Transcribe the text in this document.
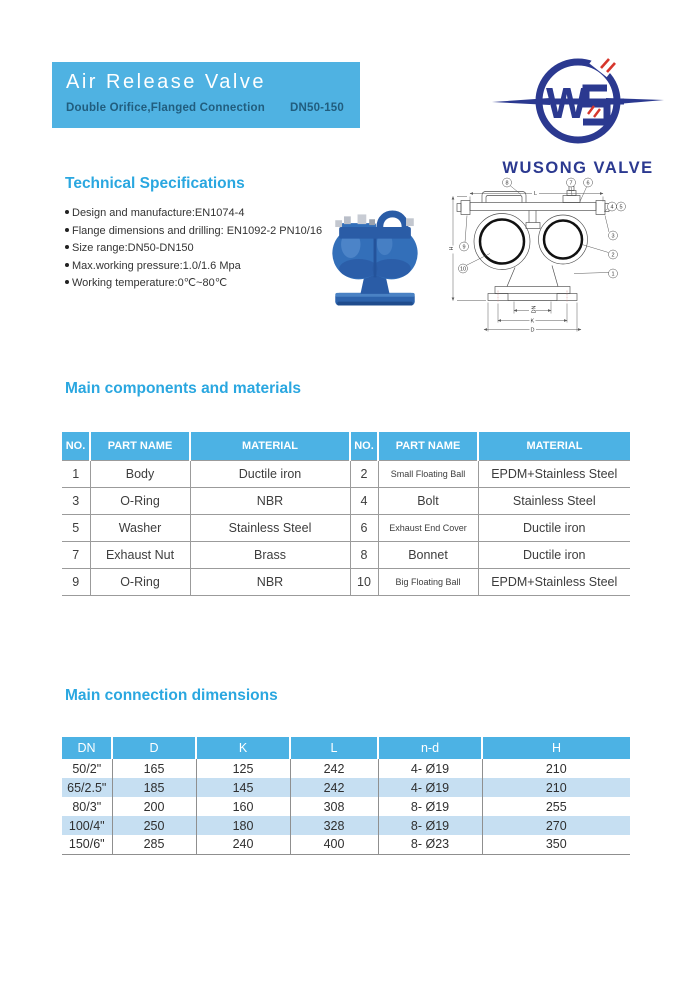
Air Release Valve
Double Orifice,Flanged Connection DN50-150	W
WUSONG VALVE
Technical Specifications
Design and manufacture:EN1074-4
Flange dimensions and drilling: EN1092-2 PN10/16
Size range:DN50-DN150
Max.working pressure:1.0/1.6 Mpa
Working temperature:0℃~80℃
L
H
DN
K
D
8	7 6
4 5
3
2
1
9
10
Main components and materials
NO.	PART NAME	MATERIAL	NO.	PART NAME	MATERIAL
1	Body	Ductile iron	2	Small Floating Ball	EPDM+Stainless Steel
3	O-Ring	NBR	4	Bolt	Stainless Steel
5	Washer	Stainless Steel	6	Exhaust End Cover	Ductile iron
7	Exhaust Nut	Brass	8	Bonnet	Ductile iron
9	O-Ring	NBR	10	Big Floating Ball	EPDM+Stainless Steel
Main connection dimensions
DN	D	K	L	n-d	H
50/2"	165	125	242	4- Ø19	210
65/2.5"	185	145	242	4- Ø19	210
80/3"	200	160	308	8- Ø19	255
100/4"	250	180	328	8- Ø19	270
150/6"	285	240	400	8- Ø23	350
